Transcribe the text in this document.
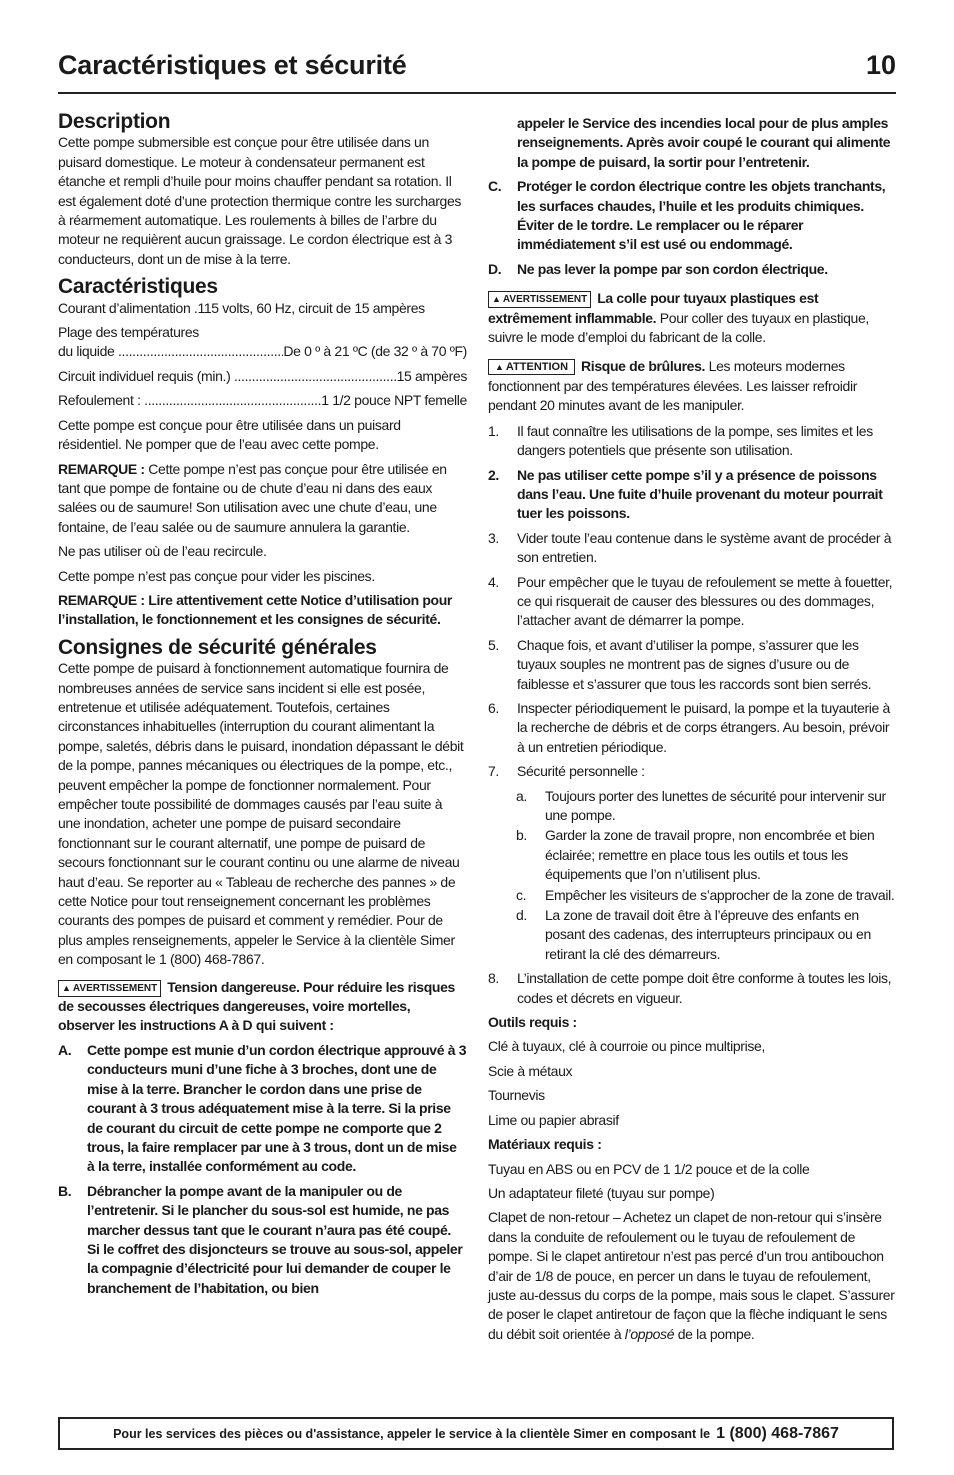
Caractéristiques et sécurité	10
Description

Cette pompe submersible est conçue pour être utilisée dans un puisard domestique. Le moteur à condensateur permanent est étanche et rempli d’huile pour moins chauffer pendant sa rotation. Il est également doté d’une protection thermique contre les surcharges à réarmement automatique. Les roulements à billes de l’arbre du moteur ne requièrent aucun graissage. Le cordon électrique est à 3 conducteurs, dont un de mise à la terre.

Caractéristiques

Courant d’alimentation .115 volts, 60 Hz, circuit de 15 ampères

Plage des températures
du liquide .....	De 0 º à 21 ºC (de 32 º à 70 ºF)
Circuit individuel requis (min.) .....	15 ampères
Refoulement : .....	1 1/2 pouce NPT femelle

Cette pompe est conçue pour être utilisée dans un puisard résidentiel. Ne pomper que de l’eau avec cette pompe.

REMARQUE : Cette pompe n’est pas conçue pour être utilisée en tant que pompe de fontaine ou de chute d’eau ni dans des eaux salées ou de saumure! Son utilisation avec une chute d’eau, une fontaine, de l’eau salée ou de saumure annulera la garantie.

Ne pas utiliser où de l’eau recircule.

Cette pompe n’est pas conçue pour vider les piscines.

REMARQUE : Lire attentivement cette Notice d’utilisation pour l’installation, le fonctionnement et les consignes de sécurité.

Consignes de sécurité générales

Cette pompe de puisard à fonctionnement automatique fournira de nombreuses années de service sans incident si elle est posée, entretenue et utilisée adéquatement. Toutefois, certaines circonstances inhabituelles (interruption du courant alimentant la pompe, saletés, débris dans le puisard, inondation dépassant le débit de la pompe, pannes mécaniques ou électriques de la pompe, etc., peuvent empêcher la pompe de fonctionner normalement. Pour empêcher toute possibilité de dommages causés par l’eau suite à une inondation, acheter une pompe de puisard secondaire fonctionnant sur le courant alternatif, une pompe de puisard de secours fonctionnant sur le courant continu ou une alarme de niveau haut d’eau. Se reporter au « Tableau de recherche des pannes » de cette Notice pour tout renseignement concernant les problèmes courants des pompes de puisard et comment y remédier. Pour de plus amples renseignements, appeler le Service à la clientèle Simer en composant le 1 (800) 468-7867.

▲ AVERTISSEMENT Tension dangereuse. Pour réduire les risques de secousses électriques dangereuses, voire mortelles, observer les instructions A à D qui suivent :

A.	Cette pompe est munie d’un cordon électrique approuvé à 3 conducteurs muni d’une fiche à 3 broches, dont une de mise à la terre. Brancher le cordon dans une prise de courant à 3 trous adéquatement mise à la terre. Si la prise de courant du circuit de cette pompe ne comporte que 2 trous, la faire remplacer par une à 3 trous, dont un de mise à la terre, installée conformément au code.
B.	Débrancher la pompe avant de la manipuler ou de l’entretenir. Si le plancher du sous-sol est humide, ne pas marcher dessus tant que le courant n’aura pas été coupé. Si le coffret des disjoncteurs se trouve au sous-sol, appeler la compagnie d’électricité pour lui demander de couper le branchement de l’habitation, ou bien
appeler le Service des incendies local pour de plus amples renseignements. Après avoir coupé le courant qui alimente la pompe de puisard, la sortir pour l’entretenir.
C.	Protéger le cordon électrique contre les objets tranchants, les surfaces chaudes, l’huile et les produits chimiques. Éviter de le tordre. Le remplacer ou le réparer immédiatement s’il est usé ou endommagé.
D.	Ne pas lever la pompe par son cordon électrique.

▲ AVERTISSEMENT La colle pour tuyaux plastiques est extrêmement inflammable. Pour coller des tuyaux en plastique, suivre le mode d’emploi du fabricant de la colle.

▲ ATTENTION Risque de brûlures. Les moteurs modernes fonctionnent par des températures élevées. Les laisser refroidir pendant 20 minutes avant de les manipuler.

1.	Il faut connaître les utilisations de la pompe, ses limites et les dangers potentiels que présente son utilisation.
2.	Ne pas utiliser cette pompe s’il y a présence de poissons dans l’eau. Une fuite d’huile provenant du moteur pourrait tuer les poissons.
3.	Vider toute l’eau contenue dans le système avant de procéder à son entretien.
4.	Pour empêcher que le tuyau de refoulement se mette à fouetter, ce qui risquerait de causer des blessures ou des dommages, l’attacher avant de démarrer la pompe.
5.	Chaque fois, et avant d’utiliser la pompe, s’assurer que les tuyaux souples ne montrent pas de signes d’usure ou de faiblesse et s’assurer que tous les raccords sont bien serrés.
6.	Inspecter périodiquement le puisard, la pompe et la tuyauterie à la recherche de débris et de corps étrangers. Au besoin, prévoir à un entretien périodique.
7.	Sécurité personnelle :
a.	Toujours porter des lunettes de sécurité pour intervenir sur une pompe.
b.	Garder la zone de travail propre, non encombrée et bien éclairée; remettre en place tous les outils et tous les équipements que l’on n’utilisent plus.
c.	Empêcher les visiteurs de s’approcher de la zone de travail.
d.	La zone de travail doit être à l’épreuve des enfants en posant des cadenas, des interrupteurs principaux ou en retirant la clé des démarreurs.
8.	L’installation de cette pompe doit être conforme à toutes les lois, codes et décrets en vigueur.

Outils requis :

Clé à tuyaux, clé à courroie ou pince multiprise,

Scie à métaux

Tournevis

Lime ou papier abrasif

Matériaux requis :

Tuyau en ABS ou en PCV de 1 1/2 pouce et de la colle

Un adaptateur fileté (tuyau sur pompe)

Clapet de non-retour – Achetez un clapet de non-retour qui s’insère dans la conduite de refoulement ou le tuyau de refoulement de pompe. Si le clapet antiretour n’est pas percé d’un trou antibouchon d’air de 1/8 de pouce, en percer un dans le tuyau de refoulement, juste au-dessus du corps de la pompe, mais sous le clapet. S’assurer de poser le clapet antiretour de façon que la flèche indiquant le sens du débit soit orientée à l’opposé de la pompe.

Pour les services des pièces ou d'assistance, appeler le service à la clientèle Simer en composant le 1 (800) 468-7867
